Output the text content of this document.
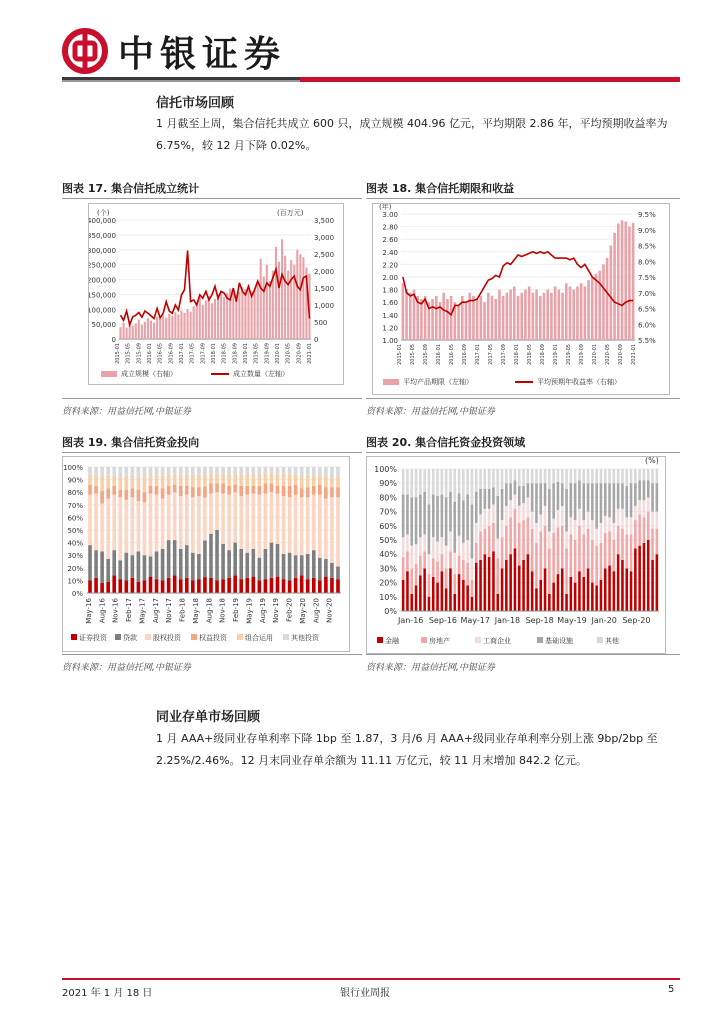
中银证券
信托市场回顾
1 月截至上周，集合信托共成立 600 只，成立规模 404.96 亿元，平均期限 2.86 年，平均预期收益率为 6.75%，较 12 月下降 0.02%。
图表 17. 集合信托成立统计
400,000
350,000
300,000
250,000
200,000
150,000
100,000
50,000
0
3,500
3,000
2,500
2,000
1,500
1,000
500
0
(个)	(百万元)
2015-01 2015-05 2015-09 2016-01 2016-05 2016-09 2017-01 2017-05 2017-09 2018-01 2018-05 2018-09 2019-01 2019-05 2019-09 2020-01 2020-05 2020-09 2021-01
成立规模（右轴）	成立数量（左轴）
资料来源：用益信托网,中银证券
图表 18. 集合信托期限和收益
3.00
2.80
2.60
2.40
2.20
2.00
1.80
1.60
1.40
1.20
1.00
9.5%
9.0%
8.5%
8.0%
7.5%
7.0%
6.5%
6.0%
5.5%
(年)
2015-01 2015-05 2015-09 2016-01 2016-05 2016-09 2017-01 2017-05 2017-09 2018-01 2018-05 2018-09 2019-01 2019-05 2019-09 2020-01 2020-05 2020-09 2021-01
平均产品期限（左轴）	平均预期年收益率（右轴）
资料来源：用益信托网,中银证券
图表 19. 集合信托资金投向
100%
90%
80%
70%
60%
50%
40%
30%
20%
10%
0%
May-16 Aug-16 Nov-16 Feb-17 May-17 Aug-17 Nov-17 Feb-18 May-18 Aug-18 Nov-18 Feb-19 May-19 Aug-19 Nov-19 Feb-20 May-20 Aug-20 Nov-20
证券投资 贷款 股权投资	权益投资	组合运用	其他投资
资料来源：用益信托网,中银证券
图表 20. 集合信托资金投资领域
100%
90%
80%
70%
60%
50%
40%
30%
20%
10%
0%
(%)
Jan-16 Sep-16 May-17 Jan-18 Sep-18 May-19 Jan-20 Sep-20
金融	房地产	工商企业	基础设施	其他
资料来源：用益信托网,中银证券
同业存单市场回顾
1 月 AAA+级同业存单利率下降 1bp 至 1.87，3 月/6 月 AAA+级同业存单利率分别上涨 9bp/2bp 至 2.25%/2.46%。12 月末同业存单余额为 11.11 万亿元，较 11 月末增加 842.2 亿元。
2021 年 1 月 18 日	银行业周报	5
